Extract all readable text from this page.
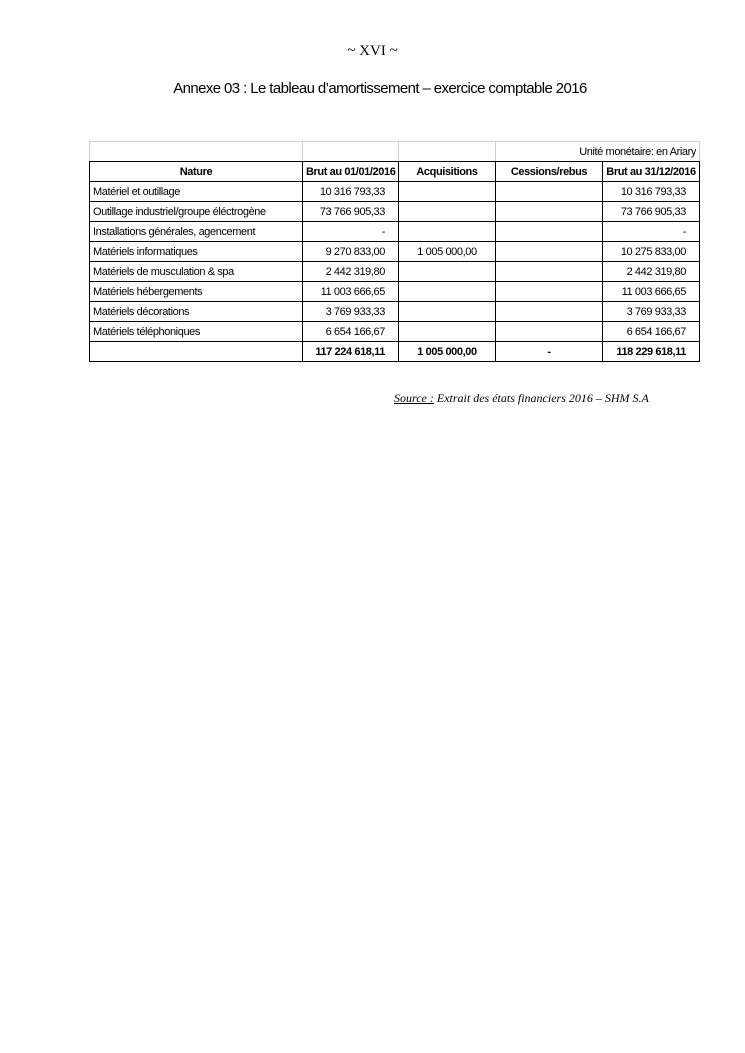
~ XVI ~
Annexe 03 : Le tableau d’amortissement – exercice comptable 2016
			Unité monétaire: en Ariary	
Nature	Brut au 01/01/2016	Acquisitions	Cessions/rebus	Brut au 31/12/2016
Matériel et outillage	10 316 793,33			10 316 793,33
Outillage industriel/groupe éléctrogène	73 766 905,33			73 766 905,33
Installations générales, agencement	-			-
Matériels informatiques	9 270 833,00	1 005 000,00		10 275 833,00
Matériels de musculation & spa	2 442 319,80			2 442 319,80
Matériels hébergements	11 003 666,65			11 003 666,65
Matériels décorations	3 769 933,33			3 769 933,33
Matériels téléphoniques	6 654 166,67			6 654 166,67
	117 224 618,11	1 005 000,00	-	118 229 618,11
Source : Extrait des états financiers 2016 – SHM S.A
